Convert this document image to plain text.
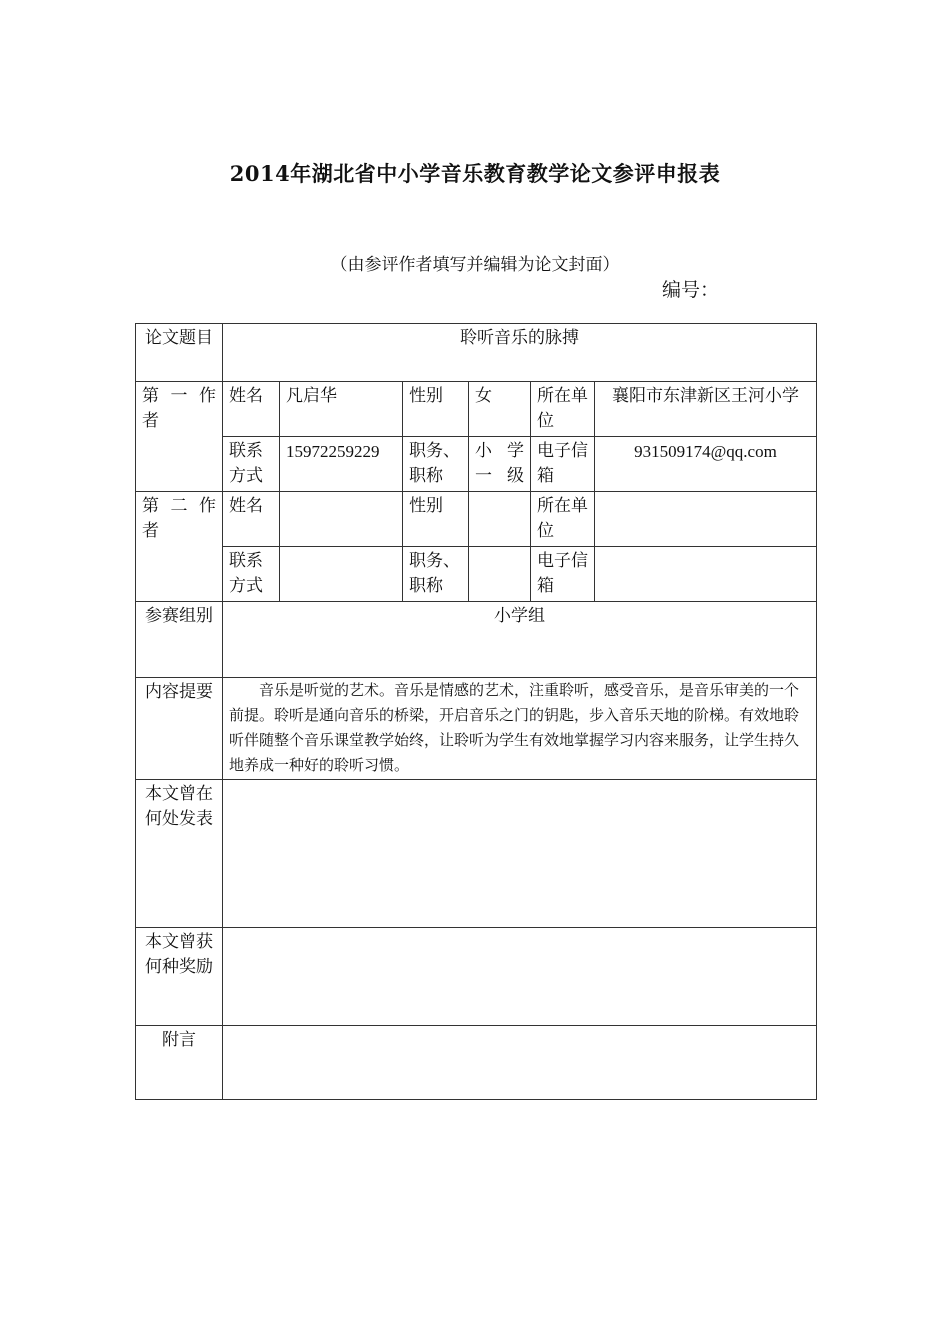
2014年湖北省中小学音乐教育教学论文参评申报表
（由参评作者填写并编辑为论文封面）
编号：
论文题目	聆听音乐的脉搏					
第 一 作者	姓名	凡启华	性别	女	所在单位	襄阳市东津新区王河小学
	联系方式	15972259229	职务、职称	小 学一级	电子信箱	931509174@qq.com
第 二 作者	姓名		性别		所在单位	
	联系方式		职务、职称		电子信箱	
参赛组别	小学组					
内容提要	音乐是听觉的艺术。音乐是情感的艺术，注重聆听，感受音乐，是音乐审美的一个前提。聆听是通向音乐的桥梁，开启音乐之门的钥匙，步入音乐天地的阶梯。有效地聆听伴随整个音乐课堂教学始终，让聆听为学生有效地掌握学习内容来服务，让学生持久地养成一种好的聆听习惯。					
本文曾在何处发表						
本文曾获何种奖励						
附言						
